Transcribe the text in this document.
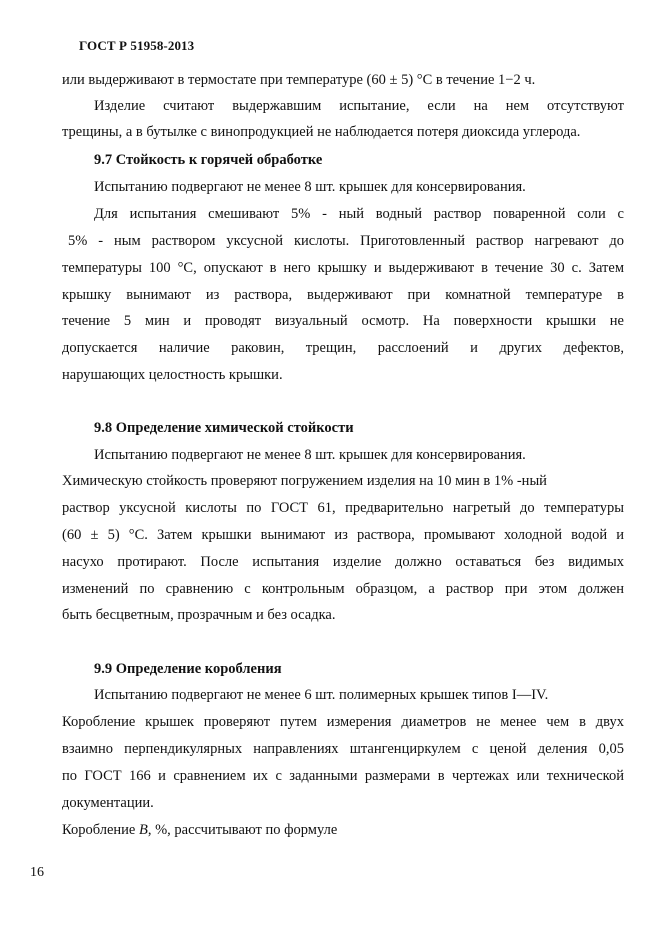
ГОСТ Р 51958-2013
или выдерживают в термостате при температуре (60 ± 5) °С в течение 1−2 ч.
Изделие считают выдержавшим испытание, если на нем отсутствуют
трещины, а в бутылке с винопродукцией не наблюдается потеря диоксида углерода.
9.7 Стойкость к горячей обработке
Испытанию подвергают не менее 8 шт. крышек для консервирования.
Для испытания смешивают 5% - ный водный раствор поваренной соли с
5% - ным раствором уксусной кислоты. Приготовленный раствор нагревают до
температуры 100 °С, опускают в него крышку и выдерживают в течение 30 с. Затем
крышку вынимают из раствора, выдерживают при комнатной температуре в
течение 5 мин и проводят визуальный осмотр. На поверхности крышки не
допускается наличие раковин, трещин, расслоений и других дефектов,
нарушающих целостность крышки.
9.8 Определение химической стойкости
Испытанию подвергают не менее 8 шт. крышек для консервирования.
Химическую стойкость проверяют погружением изделия на 10 мин в 1% -ный
раствор уксусной кислоты по ГОСТ 61, предварительно нагретый до температуры
(60 ± 5) °С. Затем крышки вынимают из раствора, промывают холодной водой и
насухо протирают. После испытания изделие должно оставаться без видимых
изменений по сравнению с контрольным образцом, а раствор при этом должен
быть бесцветным, прозрачным и без осадка.
9.9 Определение коробления
Испытанию подвергают не менее 6 шт. полимерных крышек типов I—IV.
Коробление крышек проверяют путем измерения диаметров не менее чем в двух
взаимно перпендикулярных направлениях штангенциркулем с ценой деления 0,05
по ГОСТ 166 и сравнением их с заданными размерами в чертежах или технической
документации.
Коробление B, %, рассчитывают по формуле
16
